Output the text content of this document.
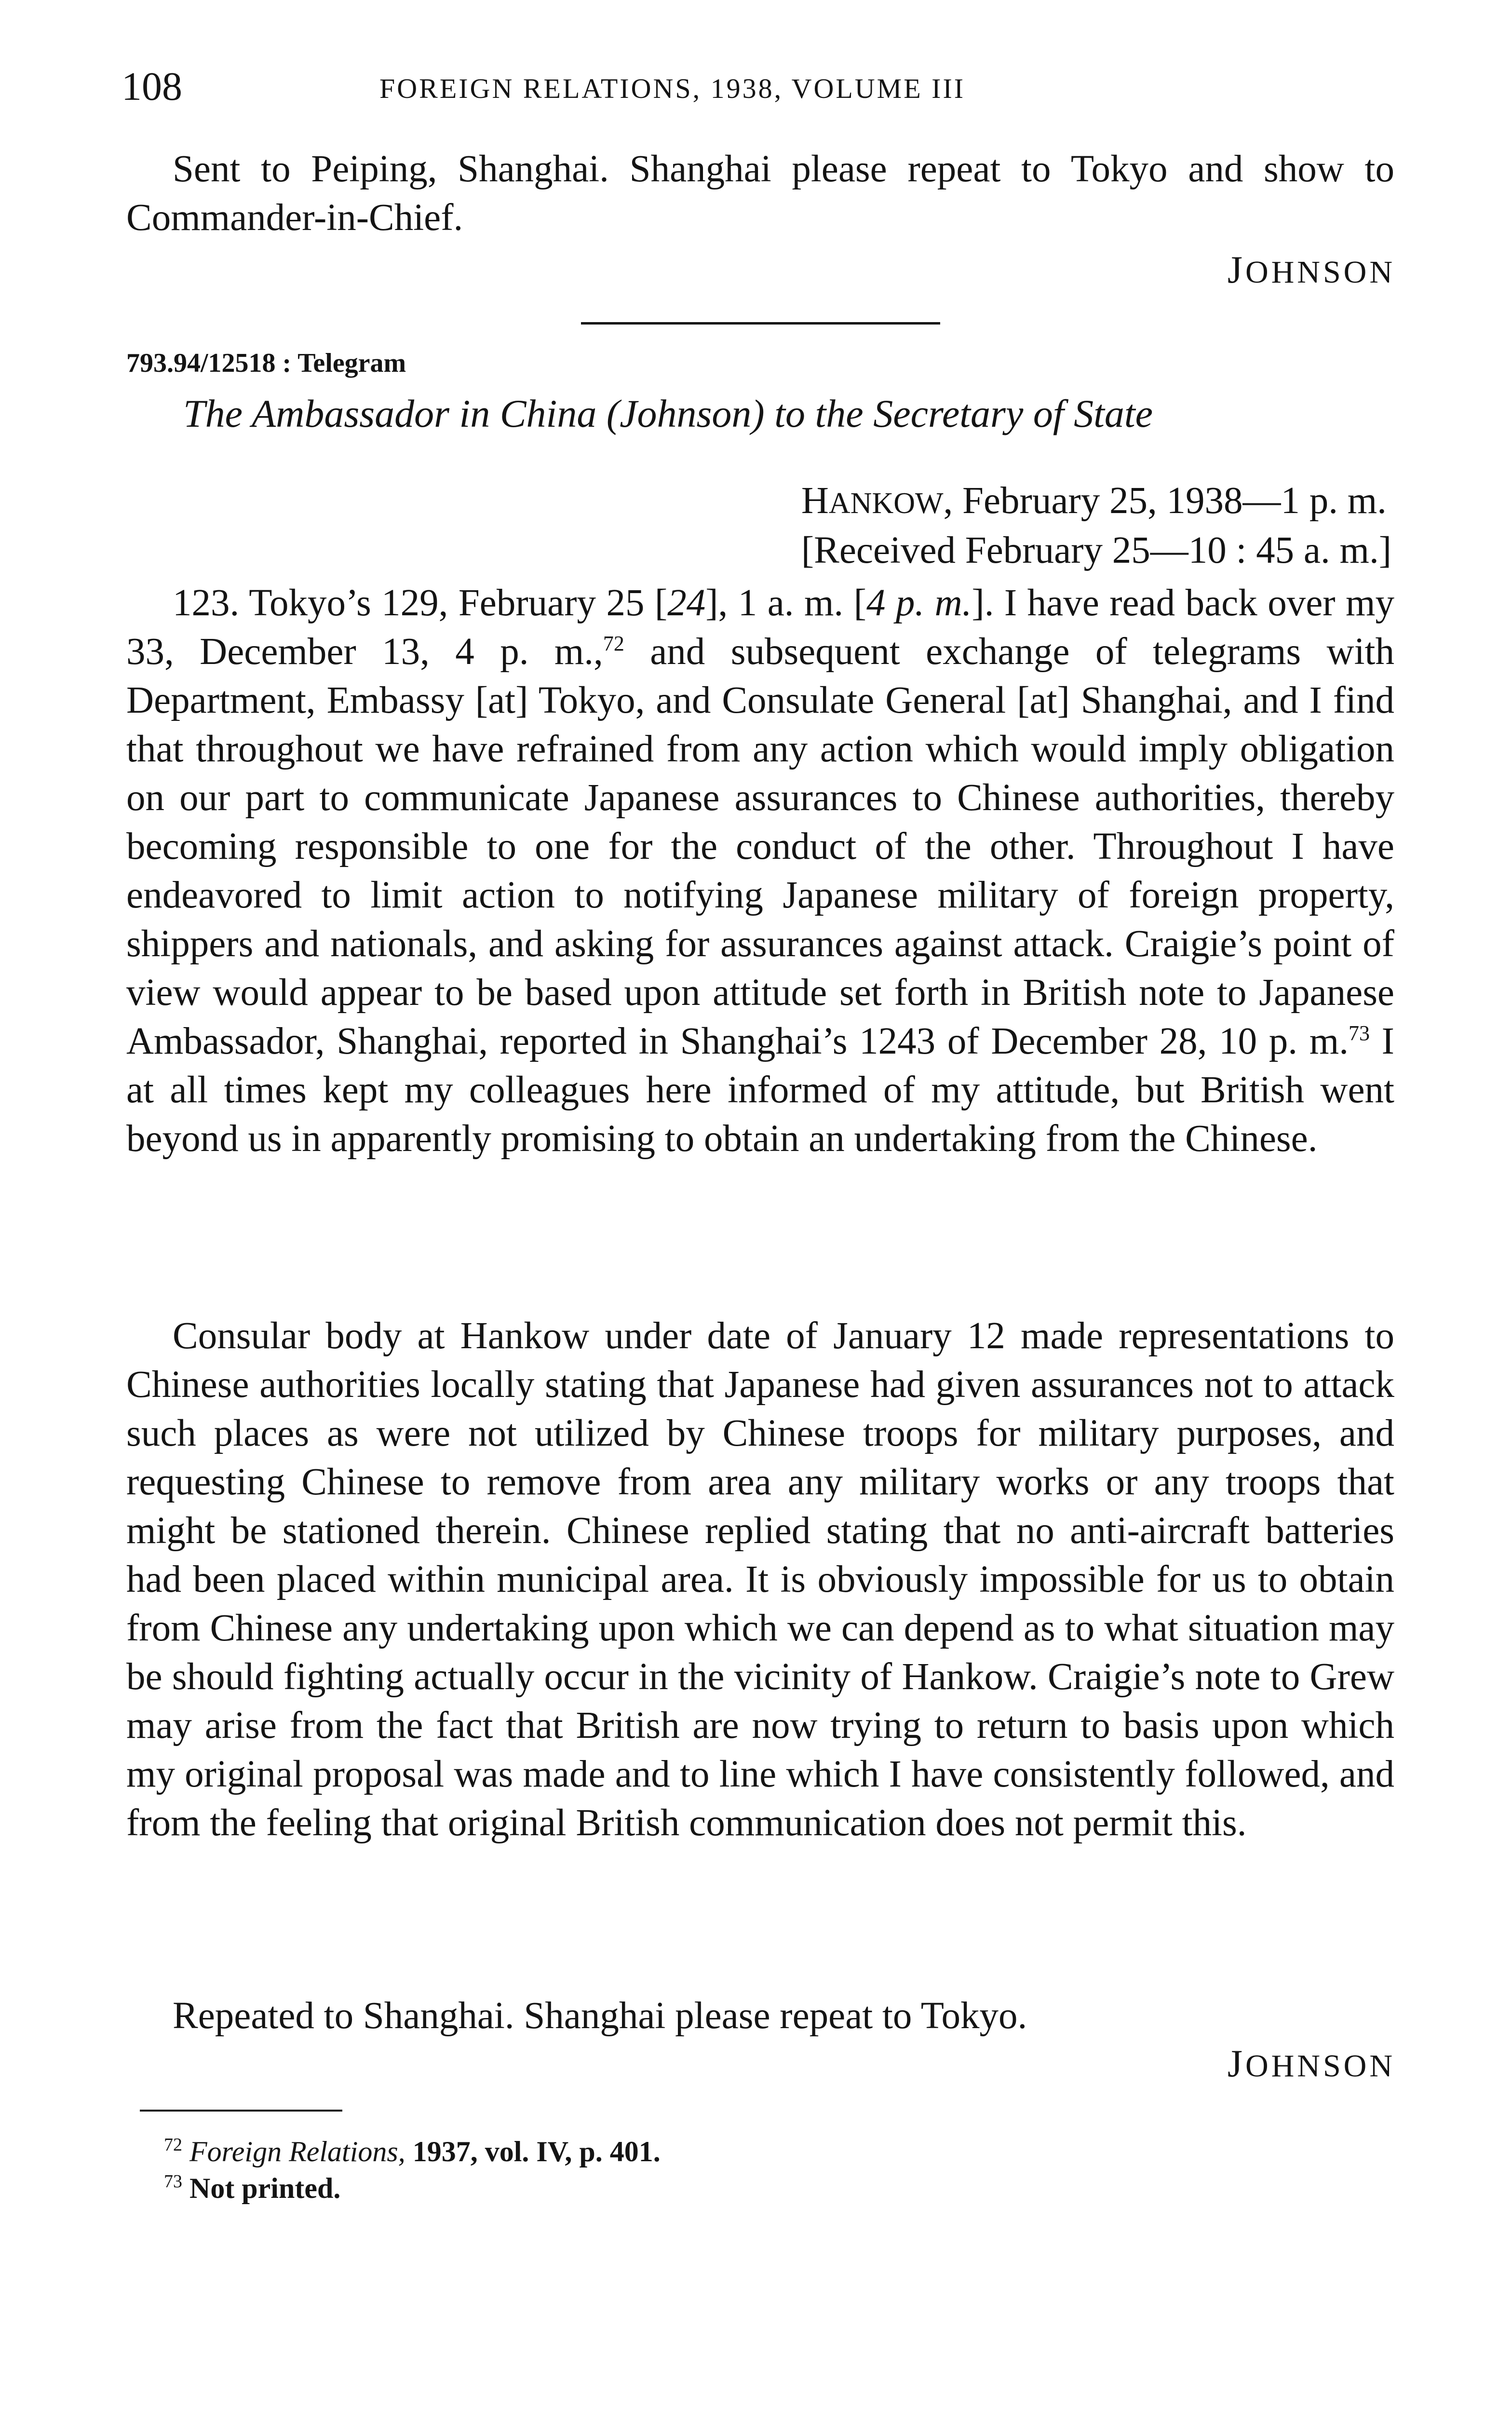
108	FOREIGN RELATIONS, 1938, VOLUME III

Sent to Peiping, Shanghai. Shanghai please repeat to Tokyo and show to Commander-in-Chief.

JOHNSON
793.94/12518 : Telegram
The Ambassador in China (Johnson) to the Secretary of State
HANKOW, February 25, 1938—1 p. m.
[Received February 25—10 : 45 a. m.]

123. Tokyo’s 129, February 25 [24], 1 a. m. [4 p. m.]. I have read back over my 33, December 13, 4 p. m.,$^{72}$ and subsequent exchange of telegrams with Department, Embassy [at] Tokyo, and Consulate General [at] Shanghai, and I find that throughout we have refrained from any action which would imply obligation on our part to communicate Japanese assurances to Chinese authorities, thereby becoming responsible to one for the conduct of the other. Throughout I have endeavored to limit action to notifying Japanese military of foreign property, shippers and nationals, and asking for assurances against attack. Craigie’s point of view would appear to be based upon attitude set forth in British note to Japanese Ambassador, Shanghai, reported in Shanghai’s 1243 of December 28, 10 p. m.$^{73}$ I at all times kept my colleagues here informed of my attitude, but British went beyond us in apparently promising to obtain an undertaking from the Chinese.

Consular body at Hankow under date of January 12 made representations to Chinese authorities locally stating that Japanese had given assurances not to attack such places as were not utilized by Chinese troops for military purposes, and requesting Chinese to remove from area any military works or any troops that might be stationed therein. Chinese replied stating that no anti-aircraft batteries had been placed within municipal area. It is obviously impossible for us to obtain from Chinese any undertaking upon which we can depend as to what situation may be should fighting actually occur in the vicinity of Hankow. Craigie’s note to Grew may arise from the fact that British are now trying to return to basis upon which my original proposal was made and to line which I have consistently followed, and from the feeling that original British communication does not permit this.

Repeated to Shanghai. Shanghai please repeat to Tokyo.

JOHNSON
$^{72}$ Foreign Relations, 1937, vol. IV, p. 401.
$^{73}$ Not printed.
